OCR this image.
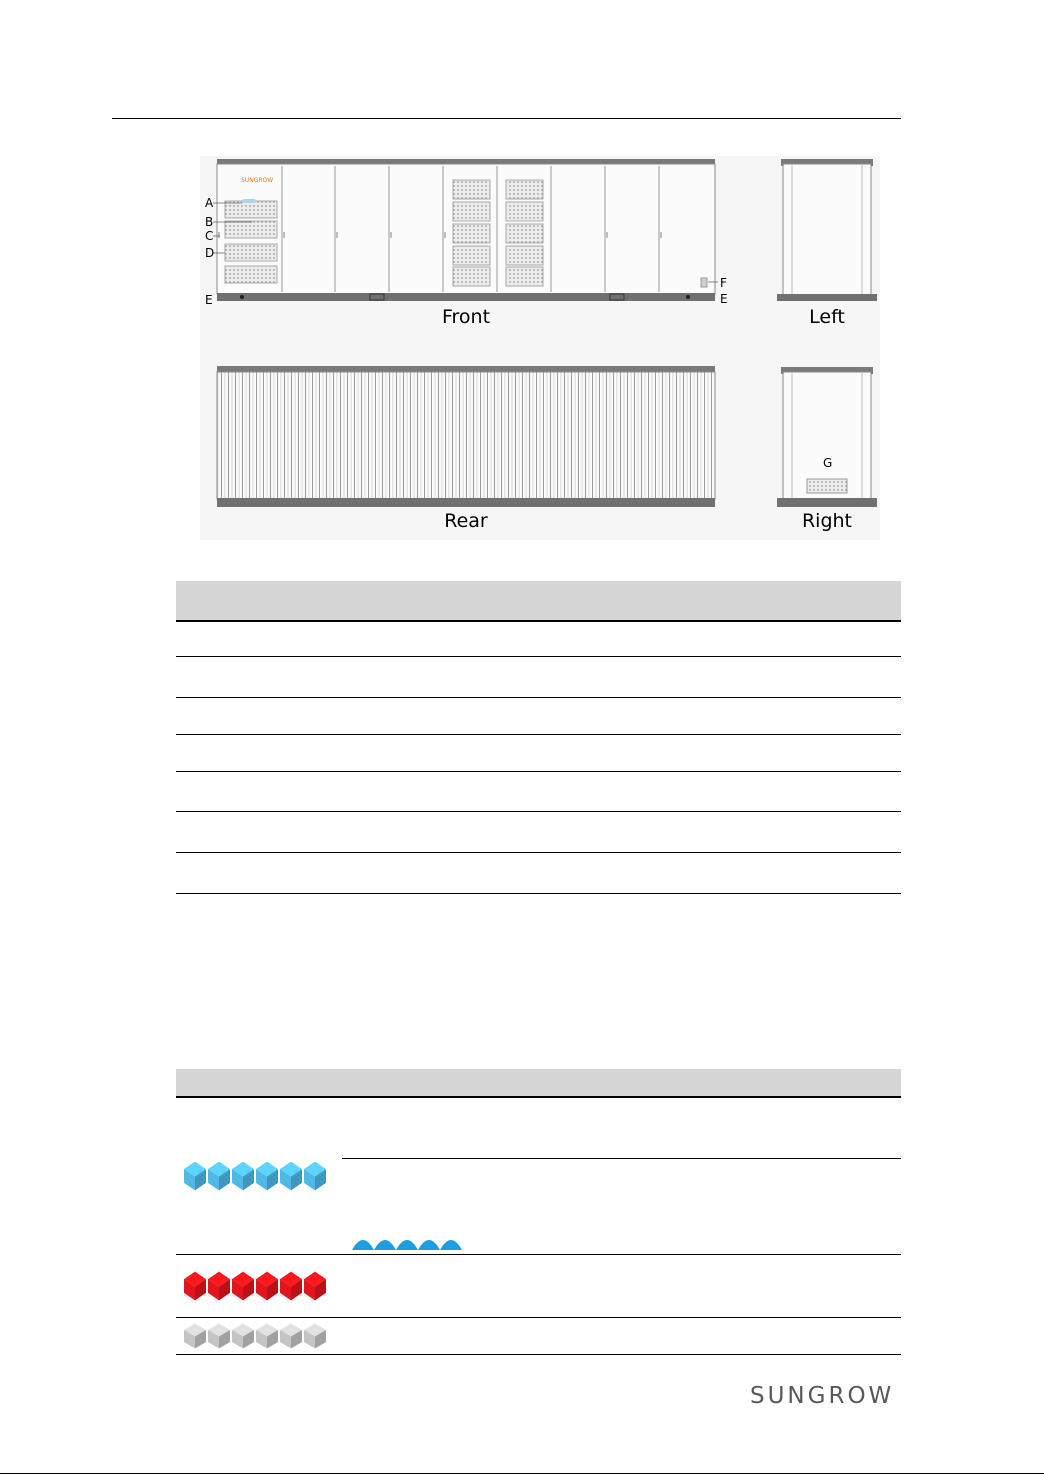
SUNGROW
A
B
C
D
E
F
E
G
Front	Left
Rear	Right
SUNGROW
